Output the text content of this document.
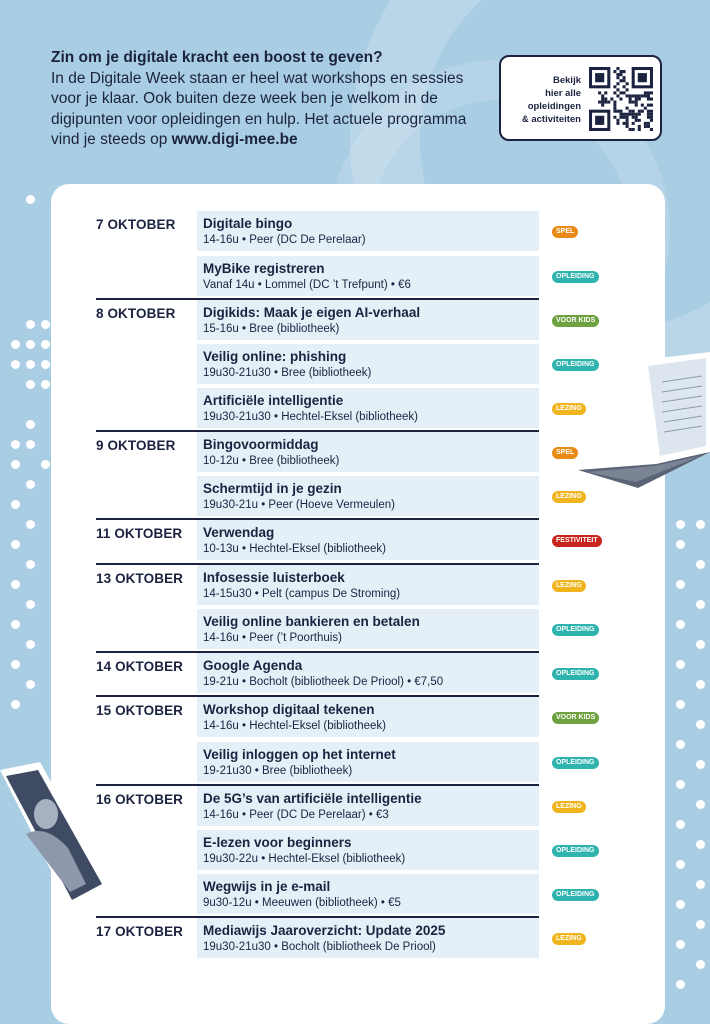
Zin om je digitale kracht een boost te geven?
In de Digitale Week staan er heel wat workshops en sessies voor je klaar. Ook buiten deze week ben je welkom in de digipunten voor opleidingen en hulp. Het actuele programma vind je steeds op www.digi-mee.be
Bekijk
hier alle
opleidingen
& activiteiten
7 OKTOBER Digitale bingo
14-16u • Peer (DC De Perelaar)
SPEL
MyBike registreren
Vanaf 14u • Lommel (DC ’t Trefpunt) • €6
OPLEIDING
8 OKTOBER Digikids: Maak je eigen AI-verhaal
15-16u • Bree (bibliotheek)
VOOR KIDS
Veilig online: phishing
19u30-21u30 • Bree (bibliotheek)
OPLEIDING
Artificiële intelligentie
19u30-21u30 • Hechtel-Eksel (bibliotheek)
LEZING
9 OKTOBER Bingovoormiddag
10-12u • Bree (bibliotheek)
SPEL
Schermtijd in je gezin
19u30-21u • Peer (Hoeve Vermeulen)
LEZING
11 OKTOBER Verwendag
10-13u • Hechtel-Eksel (bibliotheek)
FESTIVITEIT
13 OKTOBER Infosessie luisterboek
14-15u30 • Pelt (campus De Stroming)
LEZING
Veilig online bankieren en betalen
14-16u • Peer (’t Poorthuis)
OPLEIDING
14 OKTOBER Google Agenda
19-21u • Bocholt (bibliotheek De Priool) • €7,50
OPLEIDING
15 OKTOBER Workshop digitaal tekenen
14-16u • Hechtel-Eksel (bibliotheek)
VOOR KIDS
Veilig inloggen op het internet
19-21u30 • Bree (bibliotheek)
OPLEIDING
16 OKTOBER De 5G’s van artificiële intelligentie
14-16u • Peer (DC De Perelaar) • €3
LEZING
E-lezen voor beginners
19u30-22u • Hechtel-Eksel (bibliotheek)
OPLEIDING
Wegwijs in je e-mail
9u30-12u • Meeuwen (bibliotheek) • €5
OPLEIDING
17 OKTOBER Mediawijs Jaaroverzicht: Update 2025
19u30-21u30 • Bocholt (bibliotheek De Priool)
LEZING
